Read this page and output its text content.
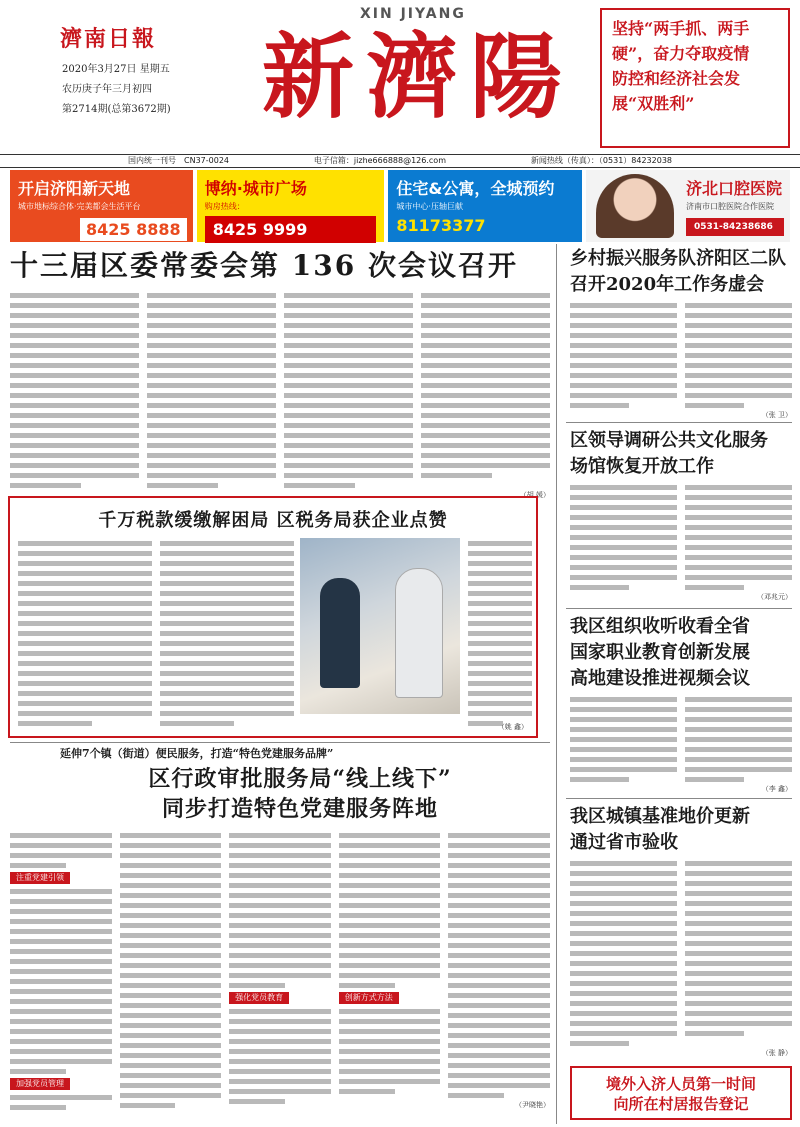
濟南日報
2020年3月27日 星期五
农历庚子年三月初四
第2714期(总第3672期)
XIN JIYANG
新濟陽 坚持“两手抓、两手

硬”，奋力夺取疫情

防控和经济社会发

展“双胜利”

国内统一刊号　CN37-0024	电子信箱：jizhe666888@126.com	新闻热线（传真）：（0531）84232038
开启济阳新天地
城市地标综合体·完美都会生活平台
8425 8888
博纳·城市广场
购房热线：
8425 9999
住宅&公寓，全城预约
城市中心·压轴巨献
81173377
济北口腔医院
济南市口腔医院合作医院
0531-84238686
十三届区委常委会第 136 次会议召开
（胡 媛）
千万税款缓缴解困局 区税务局获企业点赞
（姚 鑫）
延伸7个镇（街道）便民服务，打造“特色党建服务品牌”
区行政审批服务局“线上线下”
同步打造特色党建服务阵地
注重党建引领
加强党员管理
强化党员教育	创新方式方法
（尹晓艳）
乡村振兴服务队济阳区二队
召开2020年工作务虚会
（张 卫）
区领导调研公共文化服务
场馆恢复开放工作
（邓兆元）
我区组织收听收看全省
国家职业教育创新发展
高地建设推进视频会议
（李 鑫）
我区城镇基准地价更新
通过省市验收
（张 静）

境外入济人员第一时间

向所在村居报告登记
